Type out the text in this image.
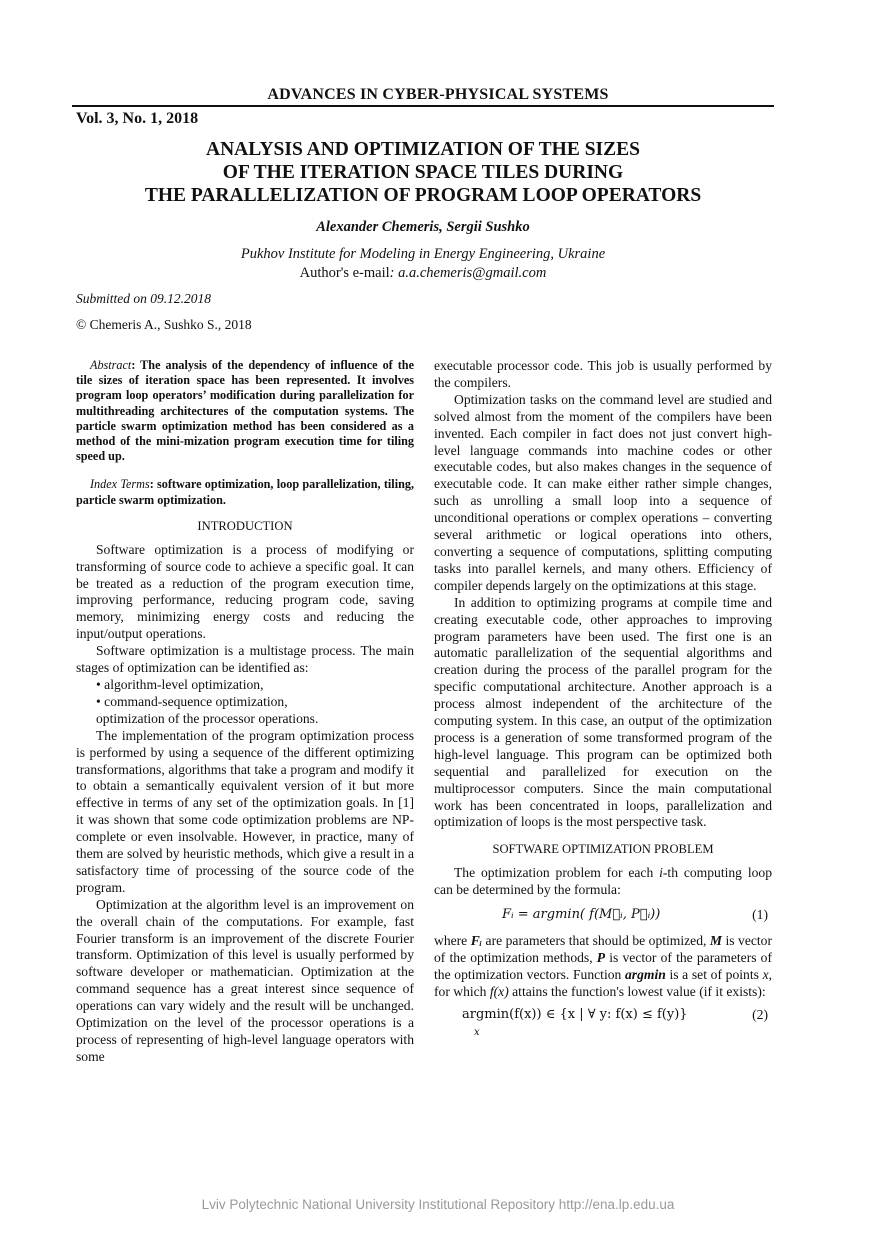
ADVANCES IN CYBER-PHYSICAL SYSTEMS
Vol. 3, No. 1, 2018
ANALYSIS AND OPTIMIZATION OF THE SIZES
OF THE ITERATION SPACE TILES DURING
THE PARALLELIZATION OF PROGRAM LOOP OPERATORS
Alexander Chemeris, Sergii Sushko
Pukhov Institute for Modeling in Energy Engineering, Ukraine
Author's e-mail: a.a.chemeris@gmail.com
Submitted on 09.12.2018
© Chemeris A., Sushko S., 2018

Abstract: The analysis of the dependency of influence of the tile sizes of iteration space has been represented. It involves program loop operators’ modification during parallelization for multithreading architectures of the computation systems. The particle swarm optimization method has been considered as a method of the mini-mization program execution time for tiling speed up.

Index Terms: software optimization, loop parallelization, tiling, particle swarm optimization.

INTRODUCTION

Software optimization is a process of modifying or transforming of source code to achieve a specific goal. It can be treated as a reduction of the program execution time, improving performance, reducing program code, saving memory, minimizing energy costs and reducing the input/output operations.

Software optimization is a multistage process. The main stages of optimization can be identified as:

• algorithm-level optimization,

• command-sequence optimization,

optimization of the processor operations.

The implementation of the program optimization process is performed by using a sequence of the different optimizing transformations, algorithms that take a program and modify it to obtain a semantically equivalent version of it but more effective in terms of any set of the optimization goals. In [1] it was shown that some code optimization problems are NP-complete or even insolvable. However, in practice, many of them are solved by heuristic methods, which give a result in a satisfactory time of processing of the source code of the program.

Optimization at the algorithm level is an improvement on the overall chain of the computations. For example, fast Fourier transform is an improvement of the discrete Fourier transform. Optimization of this level is usually performed by software developer or mathematician. Optimization at the command sequence has a great interest since sequence of operations can vary widely and the result will be unchanged. Optimization on the level of the processor operations is a process of representing of high-level language operators with some

executable processor code. This job is usually performed by the compilers.

Optimization tasks on the command level are studied and solved almost from the moment of the compilers have been invented. Each compiler in fact does not just convert high-level language commands into machine codes or other executable codes, but also makes changes in the sequence of executable code. It can make either rather simple changes, such as unrolling a small loop into a sequence of unconditional operations or complex operations – converting several arithmetic or logical operations into others, converting a sequence of computations, splitting computing tasks into parallel kernels, and many others. Efficiency of compiler depends largely on the optimizations at this stage.

In addition to optimizing programs at compile time and creating executable code, other approaches to improving program parameters have been used. The first one is an automatic parallelization of the sequential algorithms and creation during the process of the parallel program for the specific computational architecture. Another approach is a process almost independent of the architecture of the computing system. In this case, an output of the optimization process is a generation of some transformed program of the high-level language. This program can be optimized both sequential and parallelized for execution on the multiprocessor computers. Since the main computational work has been concentrated in loops, parallelization and optimization of loops is the most perspective task.

SOFTWARE OPTIMIZATION PROBLEM

The optimization problem for each i-th computing loop can be determined by the formula:

Fᵢ = argmin( f(M⃗ᵢ, P⃗ᵢ))	(1)

where Fᵢ are parameters that should be optimized, M is vector of the optimization methods, P is vector of the parameters of the optimization vectors. Function argmin is a set of points x, for which f(x) attains the function's lowest value (if it exists):

argmin(f(x)) ∈ {x | ∀ y: f(x) ≤ f(y)}
x
(2)
Lviv Polytechnic National University Institutional Repository http://ena.lp.edu.ua
